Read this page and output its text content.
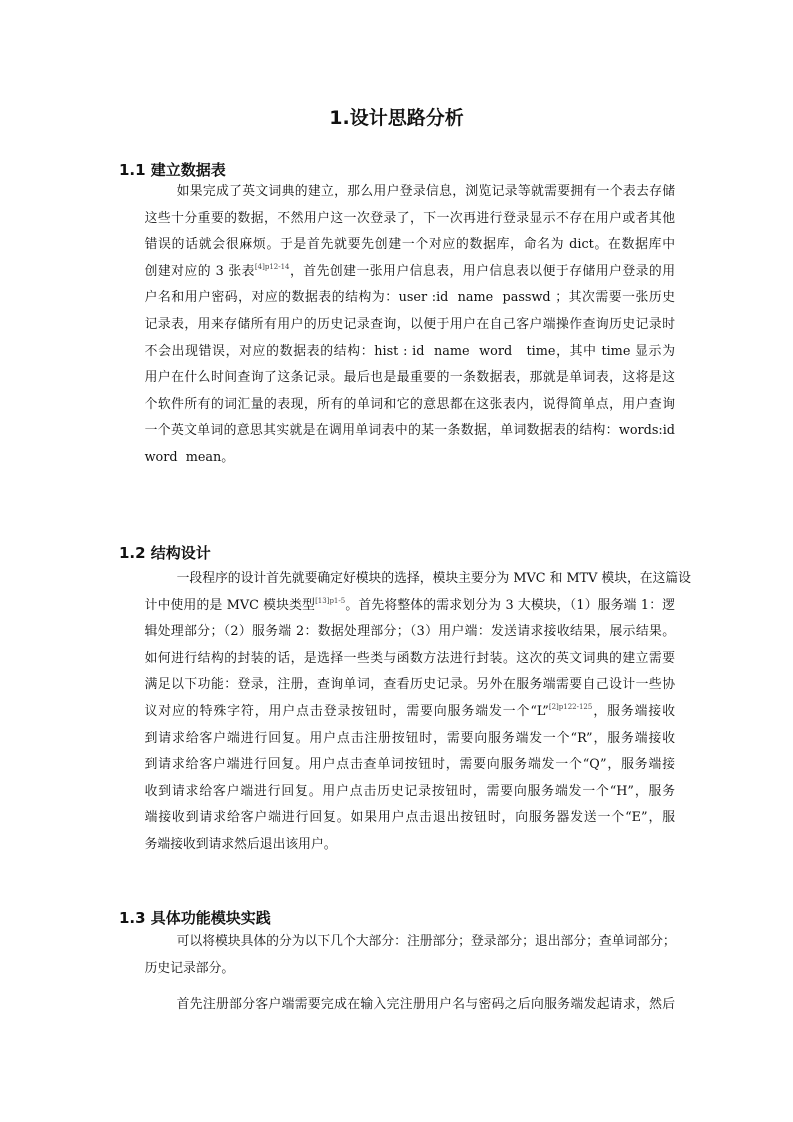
1.设计思路分析
1.1 建立数据表
如果完成了英文词典的建立，那么用户登录信息，浏览记录等就需要拥有一个表去存储
这些十分重要的数据，不然用户这一次登录了，下一次再进行登录显示不存在用户或者其他
错误的话就会很麻烦。于是首先就要先创建一个对应的数据库，命名为 dict。在数据库中
创建对应的 3 张表$^{[4]p12-14}$，首先创建一张用户信息表，用户信息表以便于存储用户登录的用
户名和用户密码，对应的数据表的结构为：user :id  name  passwd ；其次需要一张历史
记录表，用来存储所有用户的历史记录查询，以便于用户在自己客户端操作查询历史记录时
不会出现错误，对应的数据表的结构：hist : id  name  word   time，其中 time 显示为
用户在什么时间查询了这条记录。最后也是最重要的一条数据表，那就是单词表，这将是这
个软件所有的词汇量的表现，所有的单词和它的意思都在这张表内，说得简单点，用户查询
一个英文单词的意思其实就是在调用单词表中的某一条数据，单词数据表的结构：words:id
word  mean。
1.2 结构设计
一段程序的设计首先就要确定好模块的选择，模块主要分为 MVC 和 MTV 模块，在这篇设
计中使用的是 MVC 模块类型$^{[13]p1-5}$。首先将整体的需求划分为 3 大模块，（1）服务端 1：逻
辑处理部分；（2）服务端 2：数据处理部分；（3）用户端：发送请求接收结果，展示结果。
如何进行结构的封装的话，是选择一些类与函数方法进行封装。这次的英文词典的建立需要
满足以下功能：登录，注册，查询单词，查看历史记录。另外在服务端需要自己设计一些协
议对应的特殊字符，用户点击登录按钮时，需要向服务端发一个“L”$^{[2]p122-125}$，服务端接收
到请求给客户端进行回复。用户点击注册按钮时，需要向服务端发一个“R”，服务端接收
到请求给客户端进行回复。用户点击查单词按钮时，需要向服务端发一个“Q”，服务端接
收到请求给客户端进行回复。用户点击历史记录按钮时，需要向服务端发一个“H”，服务
端接收到请求给客户端进行回复。如果用户点击退出按钮时，向服务器发送一个“E”，服
务端接收到请求然后退出该用户。
1.3 具体功能模块实践
可以将模块具体的分为以下几个大部分：注册部分；登录部分；退出部分；查单词部分；
历史记录部分。
首先注册部分客户端需要完成在输入完注册用户名与密码之后向服务端发起请求，然后
